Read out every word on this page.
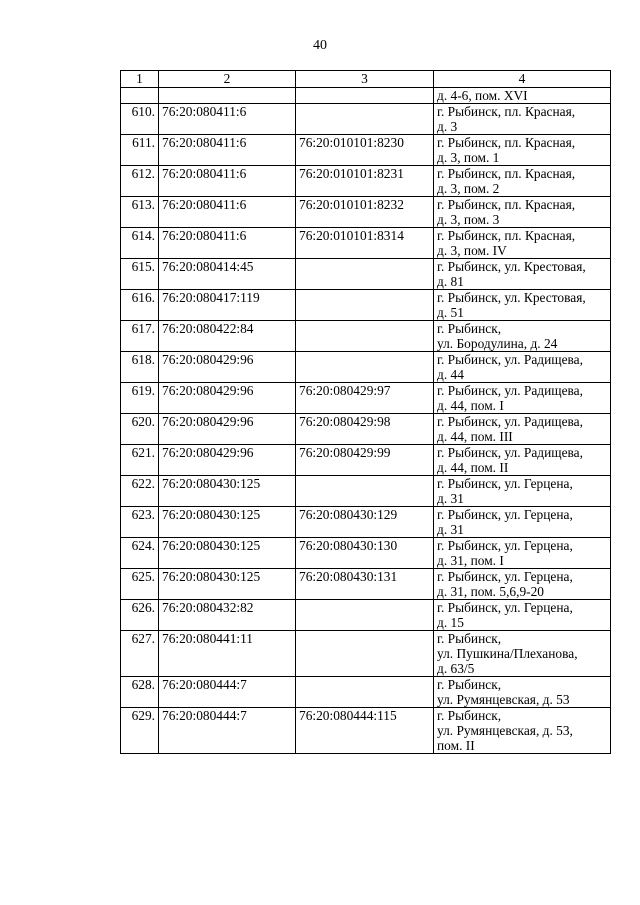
40
1	2	3	4

			д. 4-6, пом. XVI

610.	76:20:080411:6		г. Рыбинск, пл. Красная,
д. 3

611.	76:20:080411:6	76:20:010101:8230	г. Рыбинск, пл. Красная,
д. 3, пом. 1

612.	76:20:080411:6	76:20:010101:8231	г. Рыбинск, пл. Красная,
д. 3, пом. 2

613.	76:20:080411:6	76:20:010101:8232	г. Рыбинск, пл. Красная,
д. 3, пом. 3

614.	76:20:080411:6	76:20:010101:8314	г. Рыбинск, пл. Красная,
д. 3, пом. IV

615.	76:20:080414:45		г. Рыбинск, ул. Крестовая,
д. 81

616.	76:20:080417:119		г. Рыбинск, ул. Крестовая,
д. 51

617.	76:20:080422:84		г. Рыбинск,
ул. Бородулина, д. 24

618.	76:20:080429:96		г. Рыбинск, ул. Радищева,
д. 44

619.	76:20:080429:96	76:20:080429:97	г. Рыбинск, ул. Радищева,
д. 44, пом. I

620.	76:20:080429:96	76:20:080429:98	г. Рыбинск, ул. Радищева,
д. 44, пом. III

621.	76:20:080429:96	76:20:080429:99	г. Рыбинск, ул. Радищева,
д. 44, пом. II

622.	76:20:080430:125		г. Рыбинск, ул. Герцена,
д. 31

623.	76:20:080430:125	76:20:080430:129	г. Рыбинск, ул. Герцена,
д. 31

624.	76:20:080430:125	76:20:080430:130	г. Рыбинск, ул. Герцена,
д. 31, пом. I

625.	76:20:080430:125	76:20:080430:131	г. Рыбинск, ул. Герцена,
д. 31, пом. 5,6,9-20

626.	76:20:080432:82		г. Рыбинск, ул. Герцена,
д. 15

627.	76:20:080441:11		г. Рыбинск,
ул. Пушкина/Плеханова,
д. 63/5

628.	76:20:080444:7		г. Рыбинск,
ул. Румянцевская, д. 53

629.	76:20:080444:7	76:20:080444:115	г. Рыбинск,
ул. Румянцевская, д. 53,
пом. II
